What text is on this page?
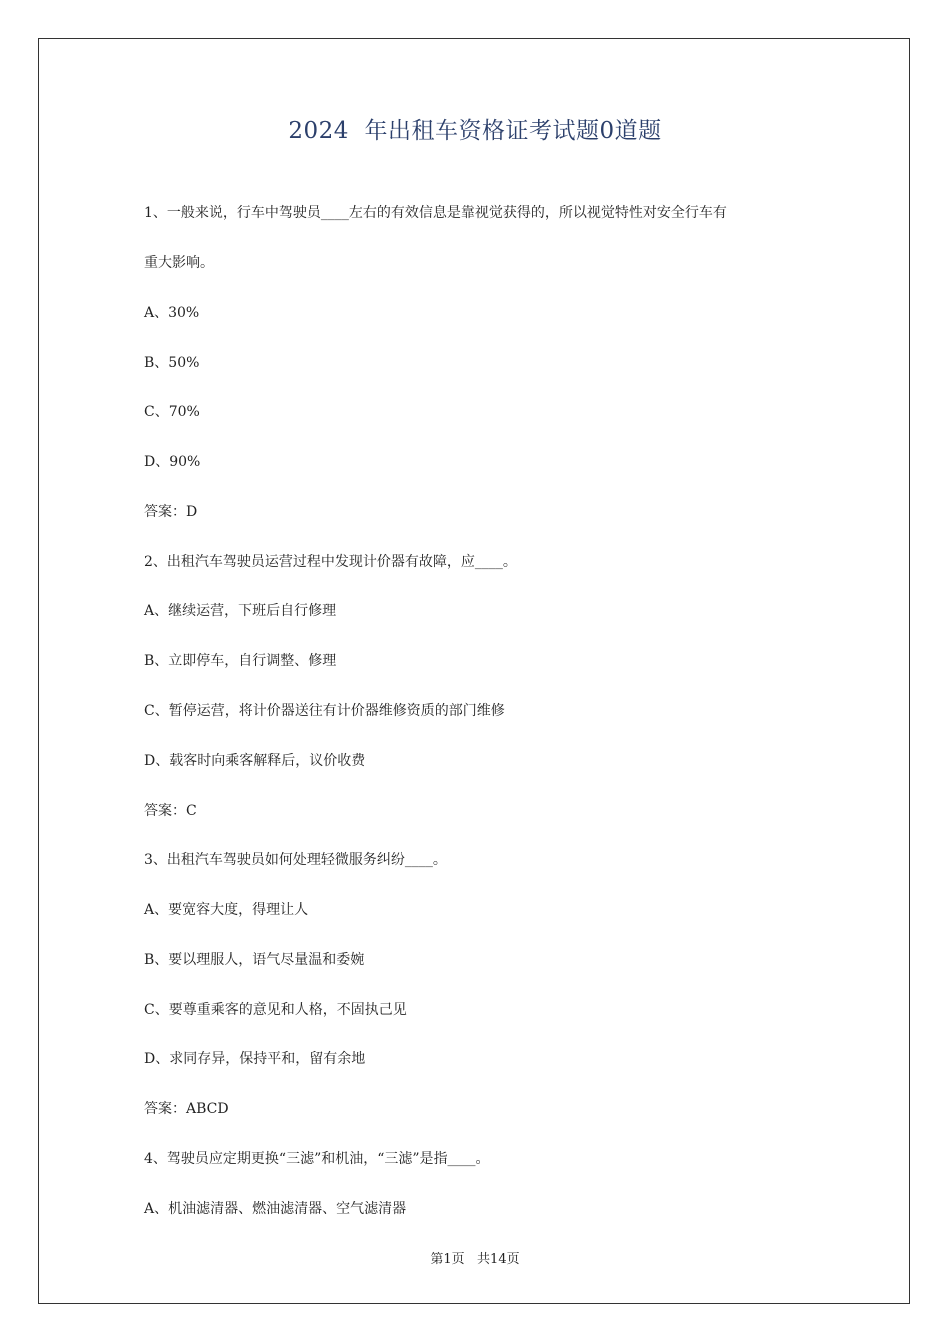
2024  年出租车资格证考试题0道题
1、一般来说，行车中驾驶员____左右的有效信息是靠视觉获得的，所以视觉特性对安全行车有
重大影响。
A、30%
B、50%
C、70%
D、90%
答案：D
2、出租汽车驾驶员运营过程中发现计价器有故障，应____。
A、继续运营，下班后自行修理
B、立即停车，自行调整、修理
C、暂停运营，将计价器送往有计价器维修资质的部门维修
D、载客时向乘客解释后，议价收费
答案：C
3、出租汽车驾驶员如何处理轻微服务纠纷____。
A、要宽容大度，得理让人
B、要以理服人，语气尽量温和委婉
C、要尊重乘客的意见和人格，不固执己见
D、求同存异，保持平和，留有余地
答案：ABCD
4、驾驶员应定期更换“三滤”和机油，“三滤”是指____。
A、机油滤清器、燃油滤清器、空气滤清器
第1页   共14页
